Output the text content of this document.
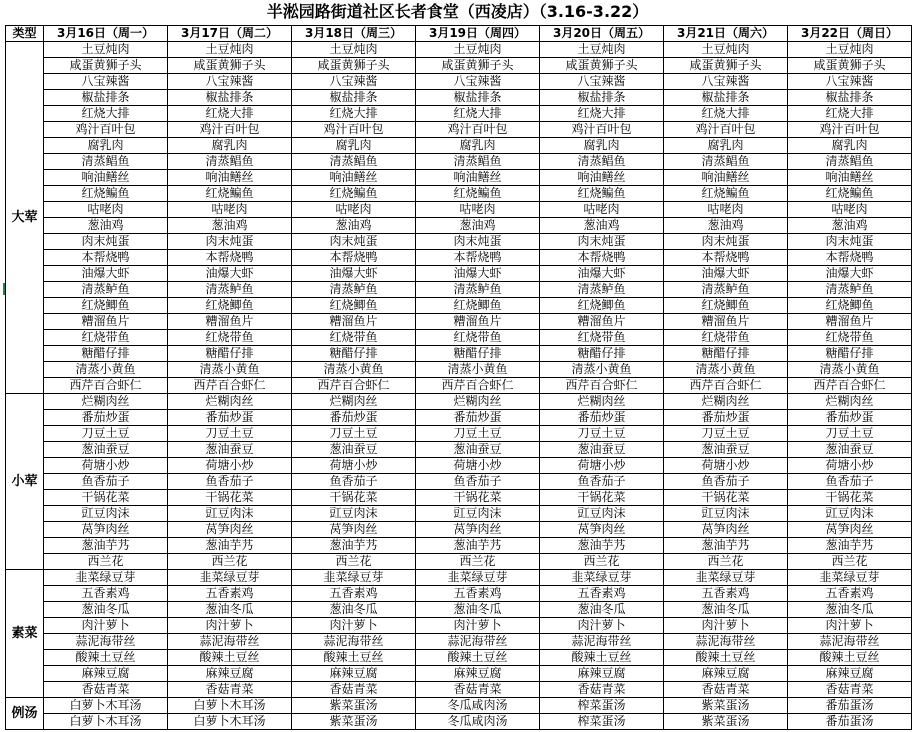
半淞园路街道社区长者食堂（西凌店）（3.16-3.22）
类型	3月16日（周一）	3月17日（周二）	3月18日（周三）	3月19日（周四）	3月20日（周五）	3月21日（周六）	3月22日（周日）
大荤	土豆炖肉	土豆炖肉	土豆炖肉	土豆炖肉	土豆炖肉	土豆炖肉	土豆炖肉
	咸蛋黄狮子头	咸蛋黄狮子头	咸蛋黄狮子头	咸蛋黄狮子头	咸蛋黄狮子头	咸蛋黄狮子头	咸蛋黄狮子头
	八宝辣酱	八宝辣酱	八宝辣酱	八宝辣酱	八宝辣酱	八宝辣酱	八宝辣酱
	椒盐排条	椒盐排条	椒盐排条	椒盐排条	椒盐排条	椒盐排条	椒盐排条
	红烧大排	红烧大排	红烧大排	红烧大排	红烧大排	红烧大排	红烧大排
	鸡汁百叶包	鸡汁百叶包	鸡汁百叶包	鸡汁百叶包	鸡汁百叶包	鸡汁百叶包	鸡汁百叶包
	腐乳肉	腐乳肉	腐乳肉	腐乳肉	腐乳肉	腐乳肉	腐乳肉
	清蒸鲳鱼	清蒸鲳鱼	清蒸鲳鱼	清蒸鲳鱼	清蒸鲳鱼	清蒸鲳鱼	清蒸鲳鱼
	响油鳝丝	响油鳝丝	响油鳝丝	响油鳝丝	响油鳝丝	响油鳝丝	响油鳝丝
	红烧鳊鱼	红烧鳊鱼	红烧鳊鱼	红烧鳊鱼	红烧鳊鱼	红烧鳊鱼	红烧鳊鱼
	咕咾肉	咕咾肉	咕咾肉	咕咾肉	咕咾肉	咕咾肉	咕咾肉
	葱油鸡	葱油鸡	葱油鸡	葱油鸡	葱油鸡	葱油鸡	葱油鸡
	肉末炖蛋	肉末炖蛋	肉末炖蛋	肉末炖蛋	肉末炖蛋	肉末炖蛋	肉末炖蛋
	本帮烧鸭	本帮烧鸭	本帮烧鸭	本帮烧鸭	本帮烧鸭	本帮烧鸭	本帮烧鸭
	油爆大虾	油爆大虾	油爆大虾	油爆大虾	油爆大虾	油爆大虾	油爆大虾
	清蒸鲈鱼	清蒸鲈鱼	清蒸鲈鱼	清蒸鲈鱼	清蒸鲈鱼	清蒸鲈鱼	清蒸鲈鱼
	红烧鲫鱼	红烧鲫鱼	红烧鲫鱼	红烧鲫鱼	红烧鲫鱼	红烧鲫鱼	红烧鲫鱼
	糟溜鱼片	糟溜鱼片	糟溜鱼片	糟溜鱼片	糟溜鱼片	糟溜鱼片	糟溜鱼片
	红烧带鱼	红烧带鱼	红烧带鱼	红烧带鱼	红烧带鱼	红烧带鱼	红烧带鱼
	糖醋仔排	糖醋仔排	糖醋仔排	糖醋仔排	糖醋仔排	糖醋仔排	糖醋仔排
	清蒸小黄鱼	清蒸小黄鱼	清蒸小黄鱼	清蒸小黄鱼	清蒸小黄鱼	清蒸小黄鱼	清蒸小黄鱼
	西芹百合虾仁	西芹百合虾仁	西芹百合虾仁	西芹百合虾仁	西芹百合虾仁	西芹百合虾仁	西芹百合虾仁
小荤	烂糊肉丝	烂糊肉丝	烂糊肉丝	烂糊肉丝	烂糊肉丝	烂糊肉丝	烂糊肉丝
	番茄炒蛋	番茄炒蛋	番茄炒蛋	番茄炒蛋	番茄炒蛋	番茄炒蛋	番茄炒蛋
	刀豆土豆	刀豆土豆	刀豆土豆	刀豆土豆	刀豆土豆	刀豆土豆	刀豆土豆
	葱油蚕豆	葱油蚕豆	葱油蚕豆	葱油蚕豆	葱油蚕豆	葱油蚕豆	葱油蚕豆
	荷塘小炒	荷塘小炒	荷塘小炒	荷塘小炒	荷塘小炒	荷塘小炒	荷塘小炒
	鱼香茄子	鱼香茄子	鱼香茄子	鱼香茄子	鱼香茄子	鱼香茄子	鱼香茄子
	干锅花菜	干锅花菜	干锅花菜	干锅花菜	干锅花菜	干锅花菜	干锅花菜
	豇豆肉沫	豇豆肉沫	豇豆肉沫	豇豆肉沫	豇豆肉沫	豇豆肉沫	豇豆肉沫
	莴笋肉丝	莴笋肉丝	莴笋肉丝	莴笋肉丝	莴笋肉丝	莴笋肉丝	莴笋肉丝
	葱油芋艿	葱油芋艿	葱油芋艿	葱油芋艿	葱油芋艿	葱油芋艿	葱油芋艿
	西兰花	西兰花	西兰花	西兰花	西兰花	西兰花	西兰花
素菜	韭菜绿豆芽	韭菜绿豆芽	韭菜绿豆芽	韭菜绿豆芽	韭菜绿豆芽	韭菜绿豆芽	韭菜绿豆芽
	五香素鸡	五香素鸡	五香素鸡	五香素鸡	五香素鸡	五香素鸡	五香素鸡
	葱油冬瓜	葱油冬瓜	葱油冬瓜	葱油冬瓜	葱油冬瓜	葱油冬瓜	葱油冬瓜
	肉汁萝卜	肉汁萝卜	肉汁萝卜	肉汁萝卜	肉汁萝卜	肉汁萝卜	肉汁萝卜
	蒜泥海带丝	蒜泥海带丝	蒜泥海带丝	蒜泥海带丝	蒜泥海带丝	蒜泥海带丝	蒜泥海带丝
	酸辣土豆丝	酸辣土豆丝	酸辣土豆丝	酸辣土豆丝	酸辣土豆丝	酸辣土豆丝	酸辣土豆丝
	麻辣豆腐	麻辣豆腐	麻辣豆腐	麻辣豆腐	麻辣豆腐	麻辣豆腐	麻辣豆腐
	香菇青菜	香菇青菜	香菇青菜	香菇青菜	香菇青菜	香菇青菜	香菇青菜
例汤	白萝卜木耳汤	白萝卜木耳汤	紫菜蛋汤	冬瓜咸肉汤	榨菜蛋汤	紫菜蛋汤	番茄蛋汤
	白萝卜木耳汤	白萝卜木耳汤	紫菜蛋汤	冬瓜咸肉汤	榨菜蛋汤	紫菜蛋汤	番茄蛋汤
